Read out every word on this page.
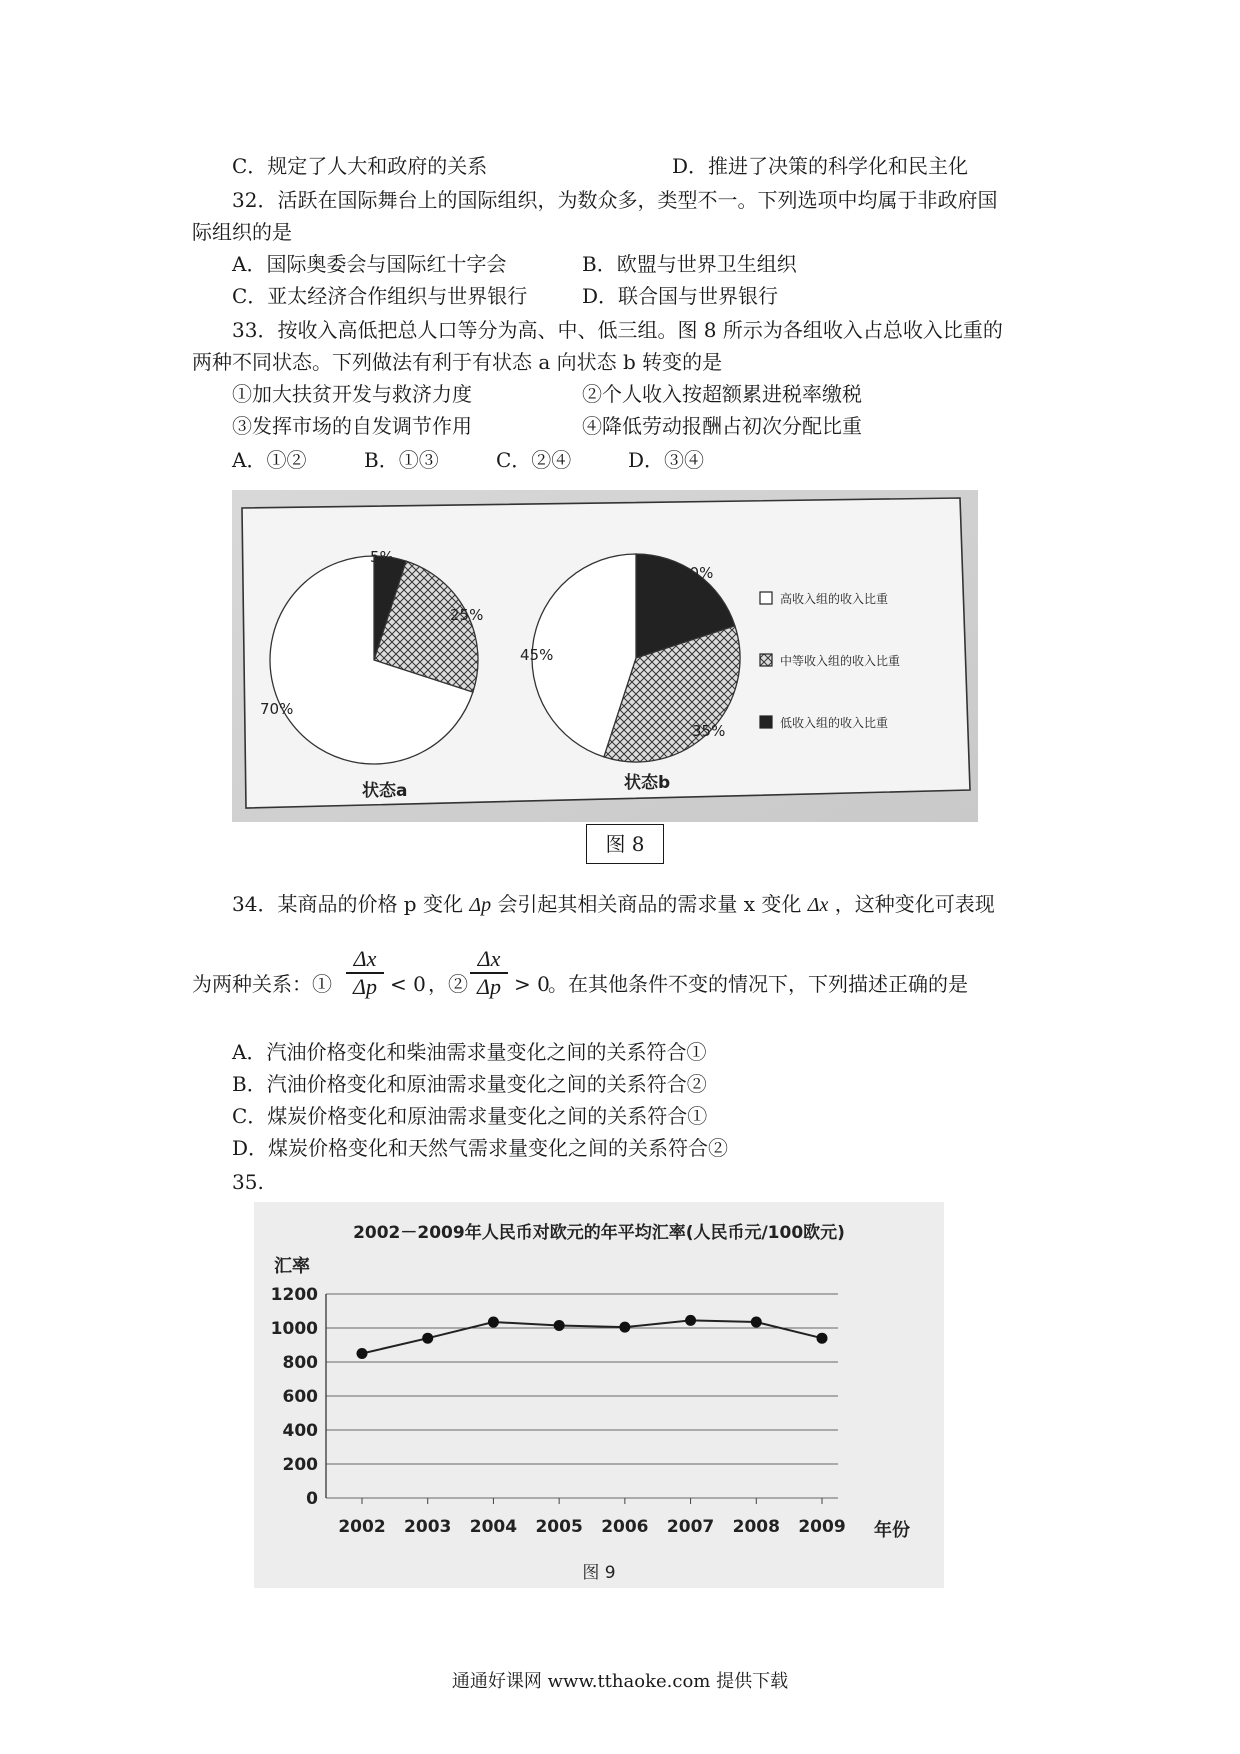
C．规定了人大和政府的关系	D．推进了决策的科学化和民主化
32．活跃在国际舞台上的国际组织，为数众多，类型不一。下列选项中均属于非政府国
际组织的是
A．国际奥委会与国际红十字会	B．欧盟与世界卫生组织
C．亚太经济合作组织与世界银行	D．联合国与世界银行
33．按收入高低把总人口等分为高、中、低三组。图 8 所示为各组收入占总收入比重的
两种不同状态。下列做法有利于有状态 a 向状态 b 转变的是
①加大扶贫开发与救济力度	②个人收入按超额累进税率缴税
③发挥市场的自发调节作用	④降低劳动报酬占初次分配比重
A．①②	B．①③	C．②④	D．③④
5%
25%
70%
状态a
20%
35%
45%
状态b
高收入组的收入比重
中等收入组的收入比重
低收入组的收入比重
图 8
34．某商品的价格 p 变化 Δp 会引起其相关商品的需求量 x 变化 Δx ，这种变化可表现
为两种关系：①
Δx
Δp < 0 ，②
Δx
Δp > 0
。在其他条件不变的情况下，下列描述正确的是
A．汽油价格变化和柴油需求量变化之间的关系符合①
B．汽油价格变化和原油需求量变化之间的关系符合②
C．煤炭价格变化和原油需求量变化之间的关系符合①
D．煤炭价格变化和天然气需求量变化之间的关系符合②
35.
2002－2009年人民币对欧元的年平均汇率(人民币元/100欧元)
汇率
年份
图 9
0
200
400
600
800
1000
1200
2002 2003 2004 2005 2006 2007 2008 2009
通通好课网 www.tthaoke.com 提供下载
